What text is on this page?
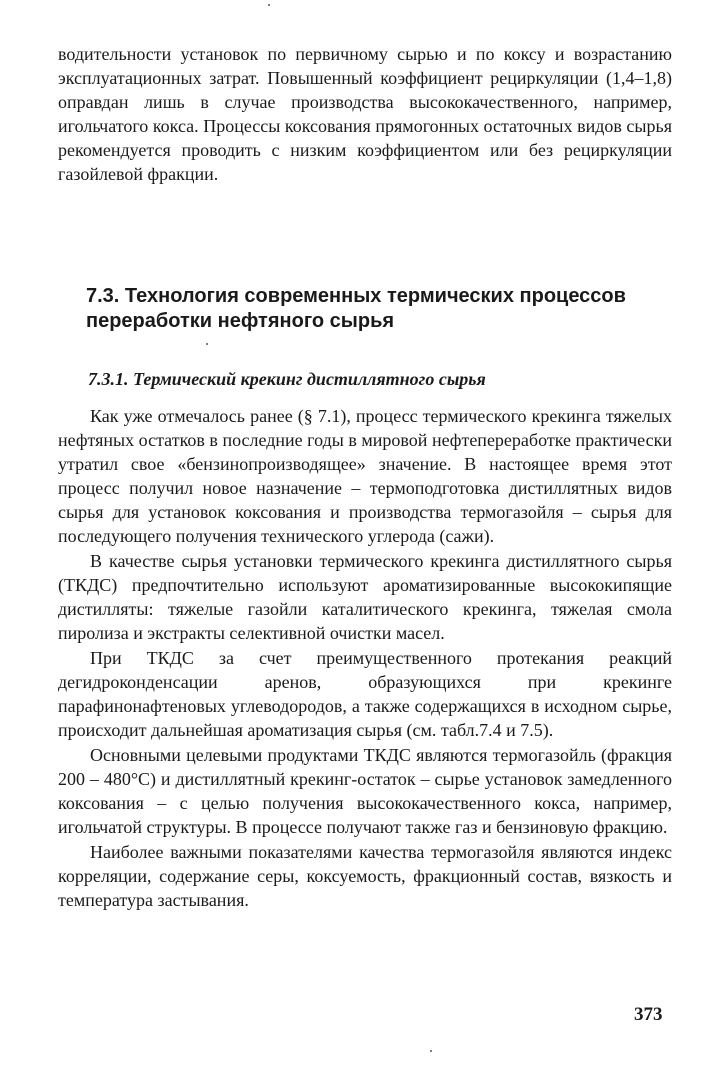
водительности установок по первичному сырью и по коксу и возрастанию эксплуатационных затрат. Повышенный коэффициент рециркуляции (1,4–1,8) оправдан лишь в случае производства высококачественного, например, игольчатого кокса. Процессы коксования прямогонных остаточных видов сырья рекомендуется проводить с низким коэффициентом или без рециркуляции газойлевой фракции.

7.3. Технология современных термических процессов переработки нефтяного сырья
7.3.1. Термический крекинг дистиллятного сырья

Как уже отмечалось ранее (§ 7.1), процесс термического крекинга тяжелых нефтяных остатков в последние годы в мировой нефтепереработке практически утратил свое «бензинопроизводящее» значение. В настоящее время этот процесс получил новое назначение – термоподготовка дистиллятных видов сырья для установок коксования и производства термогазойля – сырья для последующего получения технического углерода (сажи).

В качестве сырья установки термического крекинга дистиллятного сырья (ТКДС) предпочтительно используют ароматизированные высококипящие дистилляты: тяжелые газойли каталитического крекинга, тяжелая смола пиролиза и экстракты селективной очистки масел.

При ТКДС за счет преимущественного протекания реакций дегидроконденсации аренов, образующихся при крекинге парафинонафтеновых углеводородов, а также содержащихся в исходном сырье, происходит дальнейшая ароматизация сырья (см. табл.7.4 и 7.5).

Основными целевыми продуктами ТКДС являются термогазойль (фракция 200 – 480°С) и дистиллятный крекинг-остаток – сырье установок замедленного коксования – с целью получения высококачественного кокса, например, игольчатой структуры. В процессе получают также газ и бензиновую фракцию.

Наиболее важными показателями качества термогазойля являются индекс корреляции, содержание серы, коксуемость, фракционный состав, вязкость и температура застывания.

373
